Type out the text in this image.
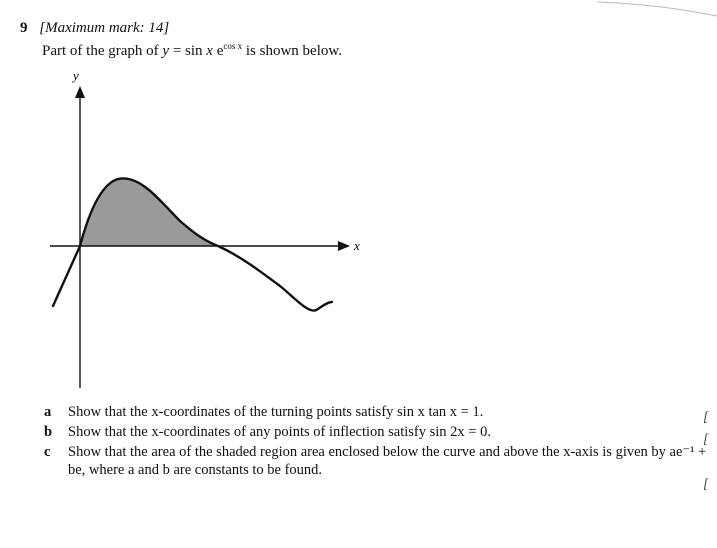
9 [Maximum mark: 14]
Part of the graph of y = sin x $e^{cos x}$ is shown below.
y
x
a	Show that the x-coordinates of the turning points satisfy sin x tan x = 1.
b	Show that the x-coordinates of any points of inflection satisfy sin 2x = 0.
c	Show that the area of the shaded region area enclosed below the curve and above the x-axis is given by ae⁻¹ + be, where a and b are constants to be found.
[
[
[
